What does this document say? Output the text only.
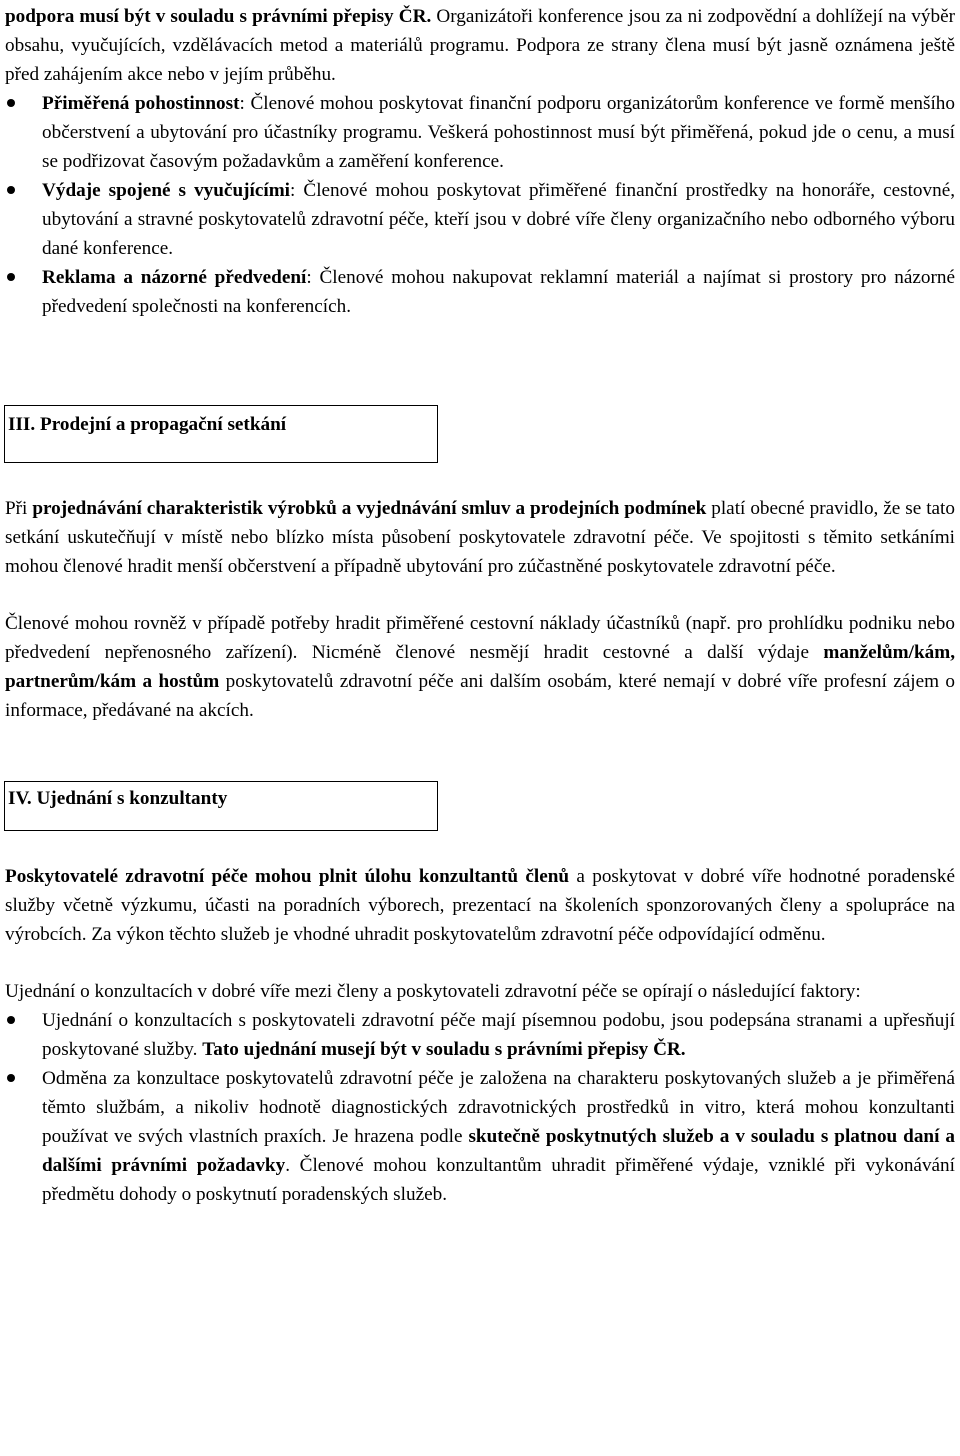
podpora musí být v souladu s právními přepisy ČR. Organizátoři konference jsou za ni zodpovědní a dohlížejí na výběr obsahu, vyučujících, vzdělávacích metod a materiálů programu. Podpora ze strany člena musí být jasně oznámena ještě před zahájením akce nebo v jejím průběhu.

Přiměřená pohostinnost: Členové mohou poskytovat finanční podporu organizátorům konference ve formě menšího občerstvení a ubytování pro účastníky programu. Veškerá pohostinnost musí být přiměřená, pokud jde o cenu, a musí se podřizovat časovým požadavkům a zaměření konference.
Výdaje spojené s vyučujícími: Členové mohou poskytovat přiměřené finanční prostředky na honoráře, cestovné, ubytování a stravné poskytovatelů zdravotní péče, kteří jsou v dobré víře členy organizačního nebo odborného výboru dané konference.
Reklama a názorné předvedení: Členové mohou nakupovat reklamní materiál a najímat si prostory pro názorné předvedení společnosti na konferencích.
III. Prodejní a propagační setkání

Při projednávání charakteristik výrobků a vyjednávání smluv a prodejních podmínek platí obecné pravidlo, že se tato setkání uskutečňují v místě nebo blízko místa působení poskytovatele zdravotní péče. Ve spojitosti s těmito setkáními mohou členové hradit menší občerstvení a případně ubytování pro zúčastněné poskytovatele zdravotní péče.

Členové mohou rovněž v případě potřeby hradit přiměřené cestovní náklady účastníků (např. pro prohlídku podniku nebo předvedení nepřenosného zařízení). Nicméně členové nesmějí hradit cestovné a další výdaje manželům/kám, partnerům/kám a hostům poskytovatelů zdravotní péče ani dalším osobám, které nemají v dobré víře profesní zájem o informace, předávané na akcích.

IV. Ujednání s konzultanty

Poskytovatelé zdravotní péče mohou plnit úlohu konzultantů členů a poskytovat v dobré víře hodnotné poradenské služby včetně výzkumu, účasti na poradních výborech, prezentací na školeních sponzorovaných členy a spolupráce na výrobcích. Za výkon těchto služeb je vhodné uhradit poskytovatelům zdravotní péče odpovídající odměnu.

Ujednání o konzultacích v dobré víře mezi členy a poskytovateli zdravotní péče se opírají o následující faktory:

Ujednání o konzultacích s poskytovateli zdravotní péče mají písemnou podobu, jsou podepsána stranami a upřesňují poskytované služby. Tato ujednání musejí být v souladu s právními přepisy ČR.
Odměna za konzultace poskytovatelů zdravotní péče je založena na charakteru poskytovaných služeb a je přiměřená těmto službám, a nikoliv hodnotě diagnostických zdravotnických prostředků in vitro, která mohou konzultanti používat ve svých vlastních praxích. Je hrazena podle skutečně poskytnutých služeb a v souladu s platnou daní a dalšími právními požadavky. Členové mohou konzultantům uhradit přiměřené výdaje, vzniklé při vykonávání předmětu dohody o poskytnutí poradenských služeb.
